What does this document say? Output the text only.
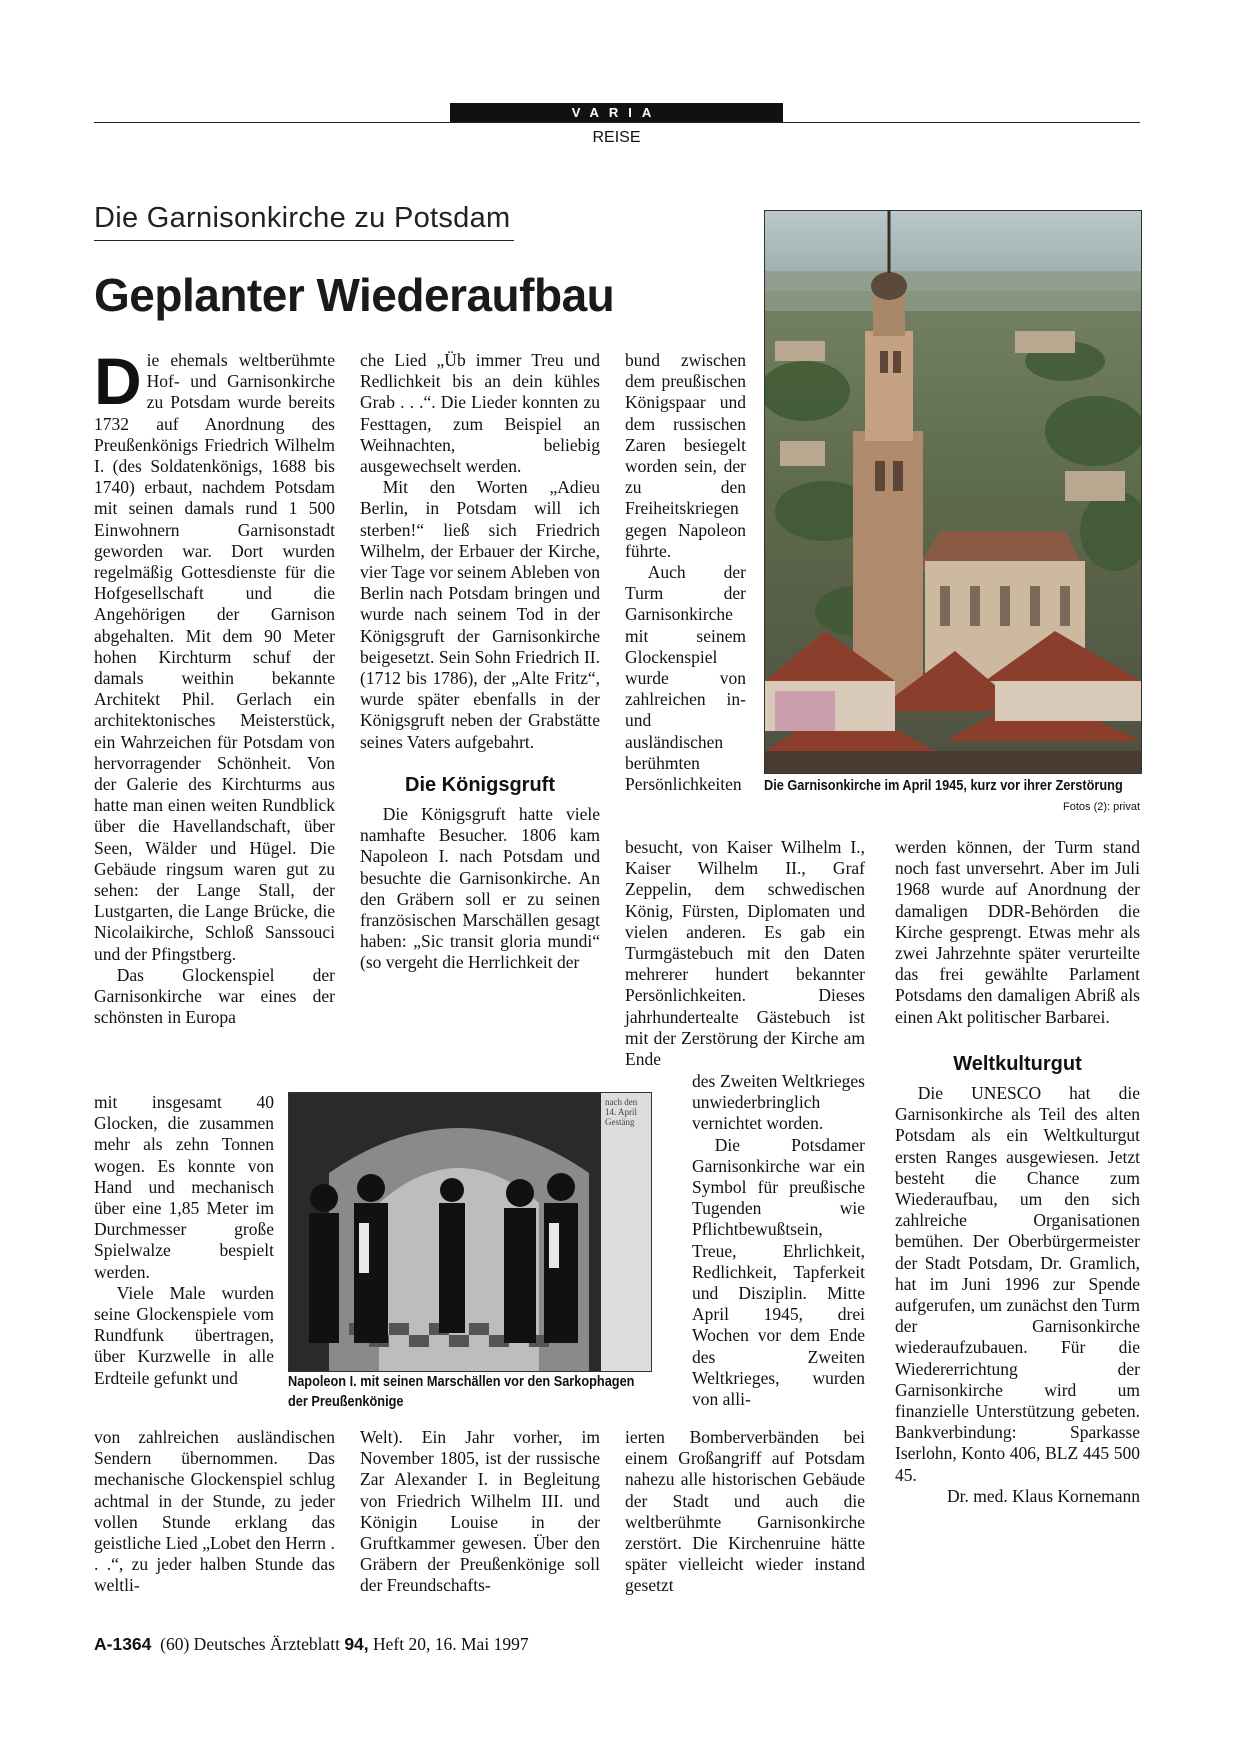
VARIA
REISE
Die Garnisonkirche zu Potsdam
Geplanter Wiederaufbau

Die ehemals weltberühmte Hof- und Garnisonkirche zu Potsdam wurde bereits 1732 auf Anordnung des Preußenkönigs Friedrich Wilhelm I. (des Soldatenkönigs, 1688 bis 1740) erbaut, nachdem Potsdam mit seinen damals rund 1 500 Einwohnern Garnisonstadt geworden war. Dort wurden regelmäßig Gottesdienste für die Hofgesellschaft und die Angehörigen der Garnison abgehalten. Mit dem 90 Meter hohen Kirchturm schuf der damals weithin bekannte Architekt Phil. Gerlach ein architektonisches Meisterstück, ein Wahrzeichen für Potsdam von hervorragender Schönheit. Von der Galerie des Kirchturms aus hatte man einen weiten Rundblick über die Havellandschaft, über Seen, Wälder und Hügel. Die Gebäude ringsum waren gut zu sehen: der Lange Stall, der Lustgarten, die Lange Brücke, die Nicolaikirche, Schloß Sanssouci und der Pfingstberg.

Das Glockenspiel der Garnisonkirche war eines der schönsten in Europa

mit insgesamt 40 Glocken, die zusammen mehr als zehn Tonnen wogen. Es konnte von Hand und mechanisch über eine 1,85 Meter im Durchmesser große Spielwalze bespielt werden.

Viele Male wurden seine Glockenspiele vom Rundfunk übertragen, über Kurzwelle in alle Erdteile gefunkt und

von zahlreichen ausländischen Sendern übernommen. Das mechanische Glockenspiel schlug achtmal in der Stunde, zu jeder vollen Stunde erklang das geistliche Lied „Lobet den Herrn . . .“, zu jeder halben Stunde das weltli-

che Lied „Üb immer Treu und Redlichkeit bis an dein kühles Grab . . .“. Die Lieder konnten zu Festtagen, zum Beispiel an Weihnachten, beliebig ausgewechselt werden.

Mit den Worten „Adieu Berlin, in Potsdam will ich sterben!“ ließ sich Friedrich Wilhelm, der Erbauer der Kirche, vier Tage vor seinem Ableben von Berlin nach Potsdam bringen und wurde nach seinem Tod in der Königsgruft der Garnisonkirche beigesetzt. Sein Sohn Friedrich II. (1712 bis 1786), der „Alte Fritz“, wurde später ebenfalls in der Königsgruft neben der Grabstätte seines Vaters aufgebahrt.

Die Königsgruft

Die Königsgruft hatte viele namhafte Besucher. 1806 kam Napoleon I. nach Potsdam und besuchte die Garnisonkirche. An den Gräbern soll er zu seinen französischen Marschällen gesagt haben: „Sic transit gloria mundi“ (so vergeht die Herrlichkeit der

Welt). Ein Jahr vorher, im November 1805, ist der russische Zar Alexander I. in Begleitung von Friedrich Wilhelm III. und Königin Louise in der Gruftkammer gewesen. Über den Gräbern der Preußenkönige soll der Freundschafts-

bund zwischen dem preußischen Königspaar und dem russischen Zaren besiegelt worden sein, der zu den Freiheitskriegen gegen Napoleon führte.

Auch der Turm der Garnisonkirche mit seinem Glockenspiel wurde von zahlreichen in- und ausländischen berühmten Persönlichkeiten

besucht, von Kaiser Wilhelm I., Kaiser Wilhelm II., Graf Zeppelin, dem schwedischen König, Fürsten, Diplomaten und vielen anderen. Es gab ein Turmgästebuch mit den Daten mehrerer hundert bekannter Persönlichkeiten. Dieses jahrhundertealte Gästebuch ist mit der Zerstörung der Kirche am Ende

des Zweiten Weltkrieges unwiederbringlich vernichtet worden.

Die Potsdamer Garnisonkirche war ein Symbol für preußische Tugenden wie Pflichtbewußtsein, Treue, Ehrlichkeit, Redlichkeit, Tapferkeit und Disziplin. Mitte April 1945, drei Wochen vor dem Ende des Zweiten Weltkrieges, wurden von alli-

ierten Bomberverbänden bei einem Großangriff auf Potsdam nahezu alle historischen Gebäude der Stadt und auch die weltberühmte Garnisonkirche zerstört. Die Kirchenruine hätte später vielleicht wieder instand gesetzt

werden können, der Turm stand noch fast unversehrt. Aber im Juli 1968 wurde auf Anordnung der damaligen DDR-Behörden die Kirche gesprengt. Etwas mehr als zwei Jahrzehnte später verurteilte das frei gewählte Parlament Potsdams den damaligen Abriß als einen Akt politischer Barbarei.

Weltkulturgut

Die UNESCO hat die Garnisonkirche als Teil des alten Potsdam als ein Weltkulturgut ersten Ranges ausgewiesen. Jetzt besteht die Chance zum Wiederaufbau, um den sich zahlreiche Organisationen bemühen. Der Oberbürgermeister der Stadt Potsdam, Dr. Gramlich, hat im Juni 1996 zur Spende aufgerufen, um zunächst den Turm der Garnisonkirche wiederaufzubauen. Für die Wiedererrichtung der Garnisonkirche wird um finanzielle Unterstützung gebeten. Bankverbindung: Sparkasse Iserlohn, Konto 406, BLZ 445 500 45.

Dr. med. Klaus Kornemann

Die Garnisonkirche im April 1945, kurz vor ihrer Zerstörung
Fotos (2): privat
nach den
14. April
Gestäng
Napoleon I. mit seinen Marschällen vor den Sarkophagen der Preußenkönige
A-1364 (60) Deutsches Ärzteblatt 94, Heft 20, 16. Mai 1997
